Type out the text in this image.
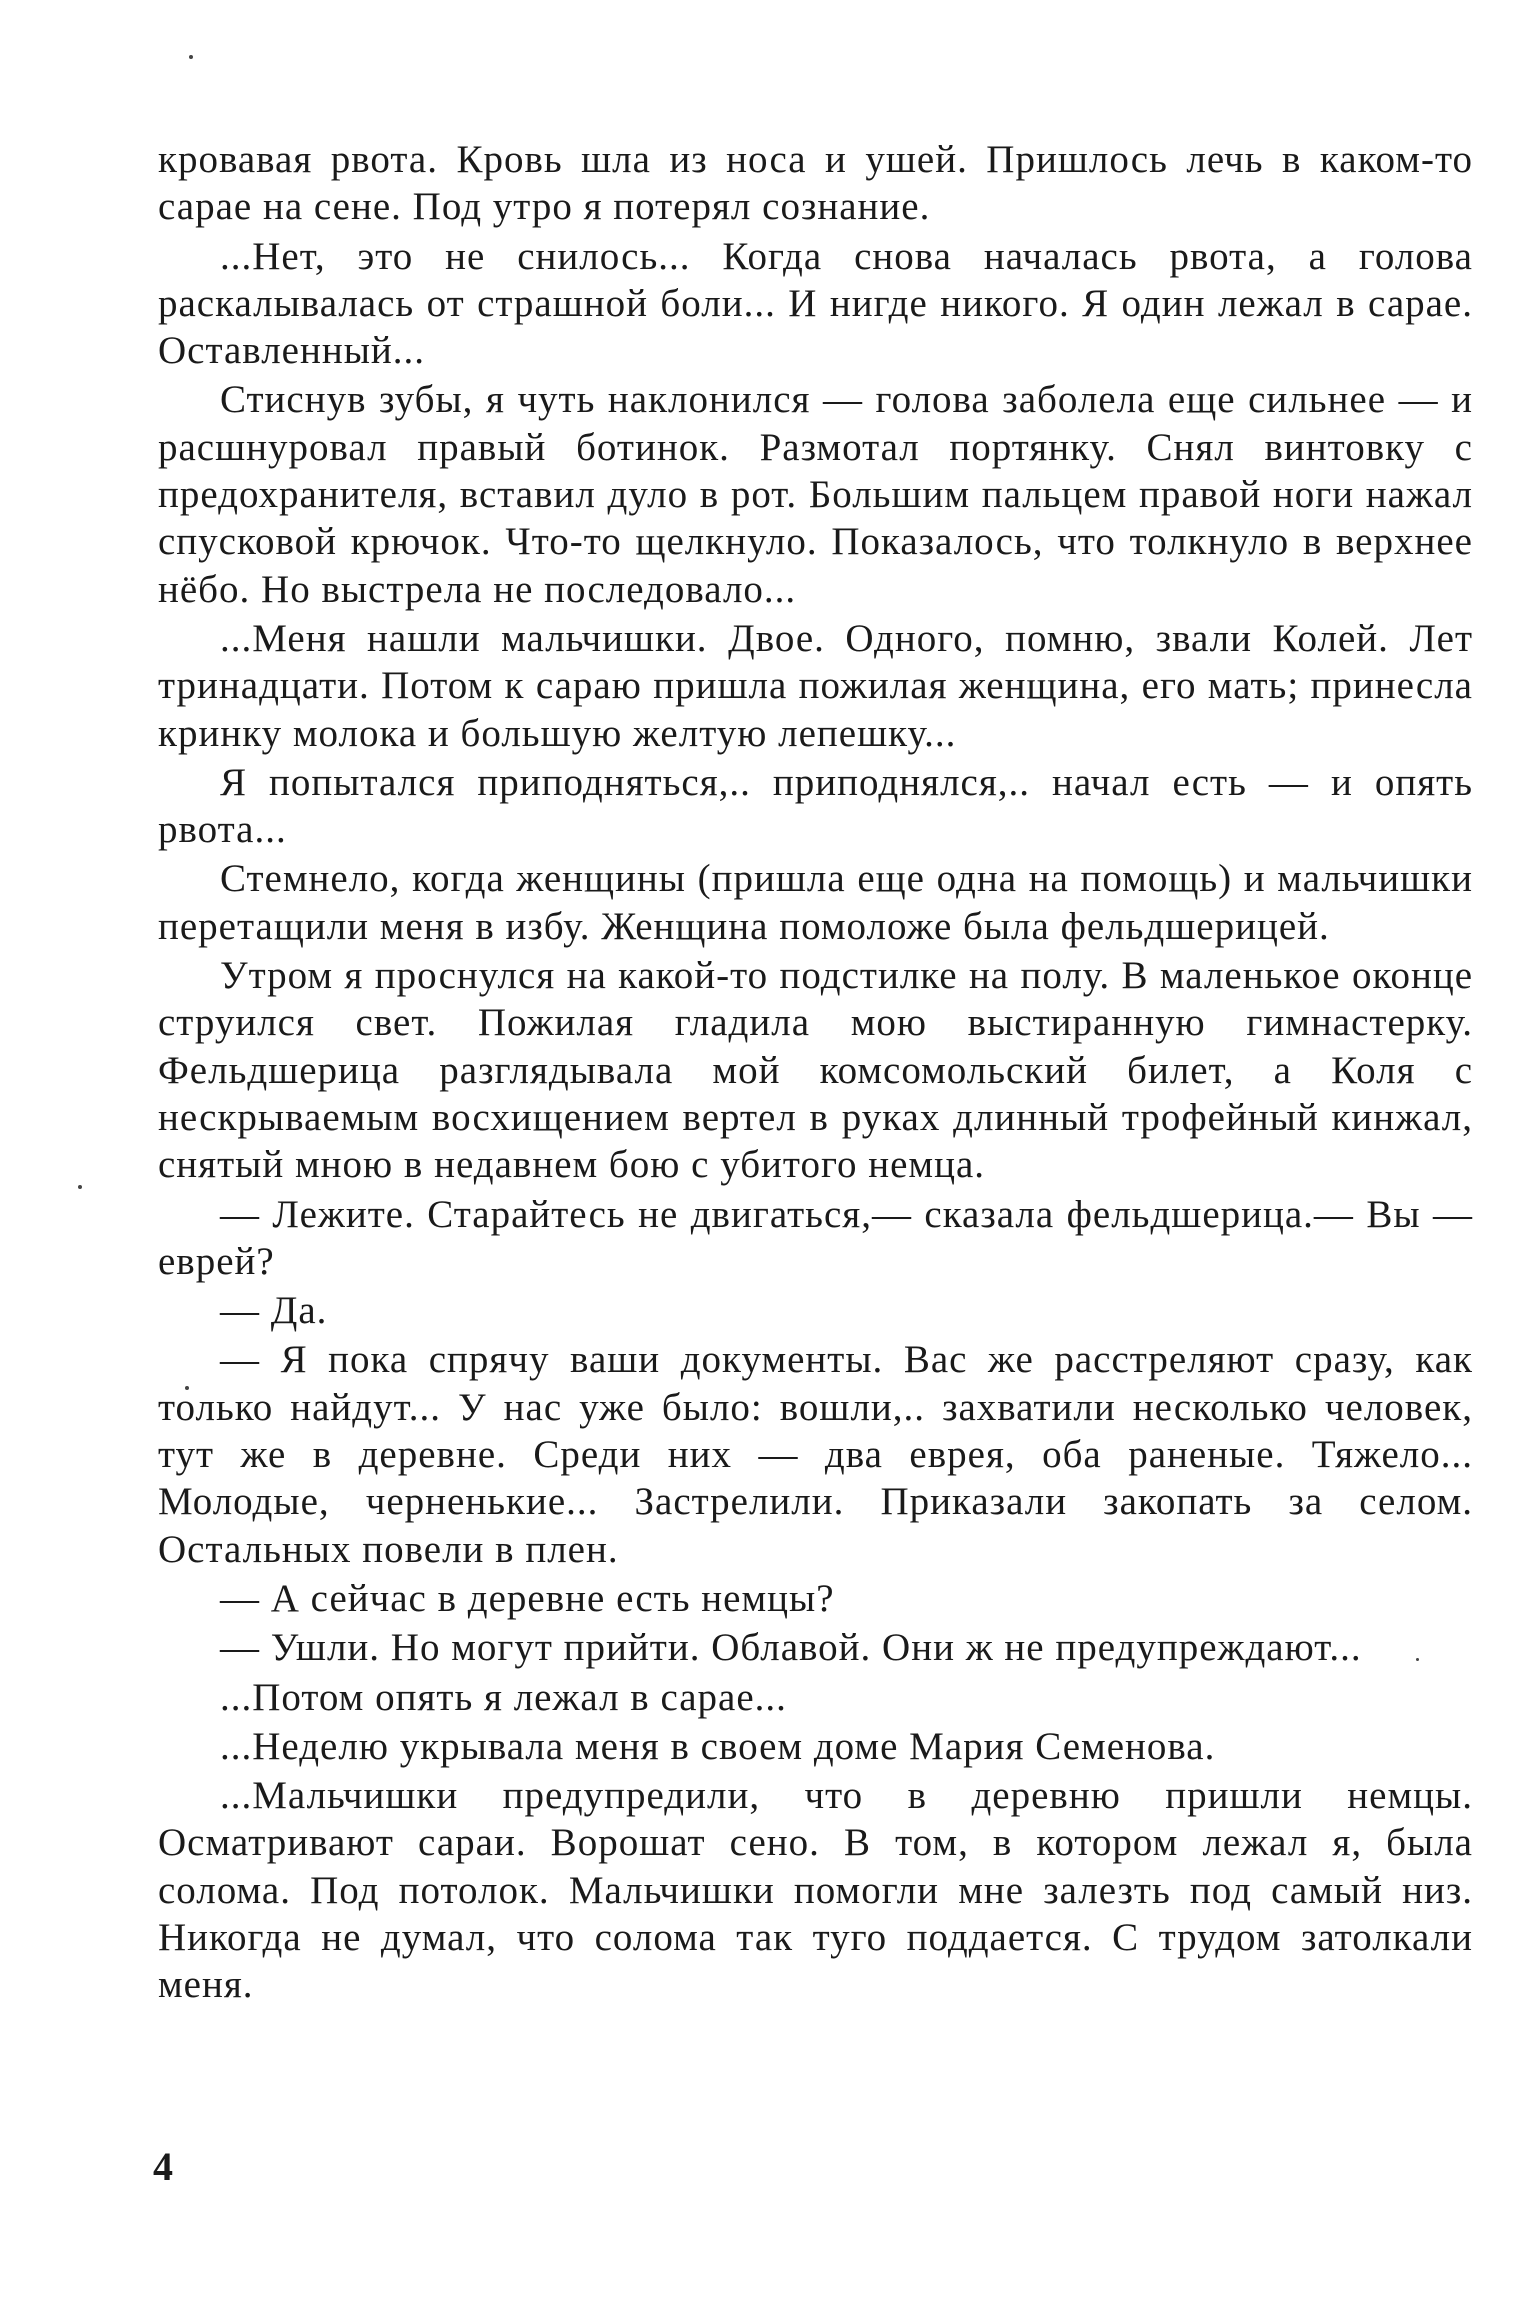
кровавая рвота. Кровь шла из носа и ушей. Пришлось лечь в каком-то сарае на сене. Под утро я потерял сознание.

...Нет, это не снилось... Когда снова началась рвота, а голова раскалывалась от страшной боли... И нигде никого. Я один лежал в сарае. Оставленный...

Стиснув зубы, я чуть наклонился — голова заболела еще сильнее — и расшнуровал правый ботинок. Размотал портянку. Снял винтовку с предохранителя, вставил дуло в рот. Большим пальцем правой ноги нажал спусковой крючок. Что-то щелкнуло. Показалось, что толкнуло в верхнее нёбо. Но выстрела не последовало...

...Меня нашли мальчишки. Двое. Одного, помню, звали Колей. Лет тринадцати. Потом к сараю пришла пожилая женщина, его мать; принесла кринку молока и большую желтую лепешку...

Я попытался приподняться,.. приподнялся,.. начал есть — и опять рвота...

Стемнело, когда женщины (пришла еще одна на помощь) и мальчишки перетащили меня в избу. Женщина помоложе была фельдшерицей.

Утром я проснулся на какой-то подстилке на полу. В маленькое оконце струился свет. Пожилая гладила мою выстиранную гимнастерку. Фельдшерица разглядывала мой комсомольский билет, а Коля с нескрываемым восхищением вертел в руках длинный трофейный кинжал, снятый мною в недавнем бою с убитого немца.

— Лежите. Старайтесь не двигаться,— сказала фельдшерица.— Вы — еврей?

— Да.

— Я пока спрячу ваши документы. Вас же расстреляют сразу, как только найдут... У нас уже было: вошли,.. захватили несколько человек, тут же в деревне. Среди них — два еврея, оба раненые. Тяжело... Молодые, черненькие... Застрелили. Приказали закопать за селом. Остальных повели в плен.

— А сейчас в деревне есть немцы?

— Ушли. Но могут прийти. Облавой. Они ж не предупреждают...

...Потом опять я лежал в сарае...

...Неделю укрывала меня в своем доме Мария Семенова.

...Мальчишки предупредили, что в деревню пришли немцы. Осматривают сараи. Ворошат сено. В том, в котором лежал я, была солома. Под потолок. Мальчишки помогли мне залезть под самый низ. Никогда не думал, что солома так туго поддается. С трудом затолкали меня.

4
